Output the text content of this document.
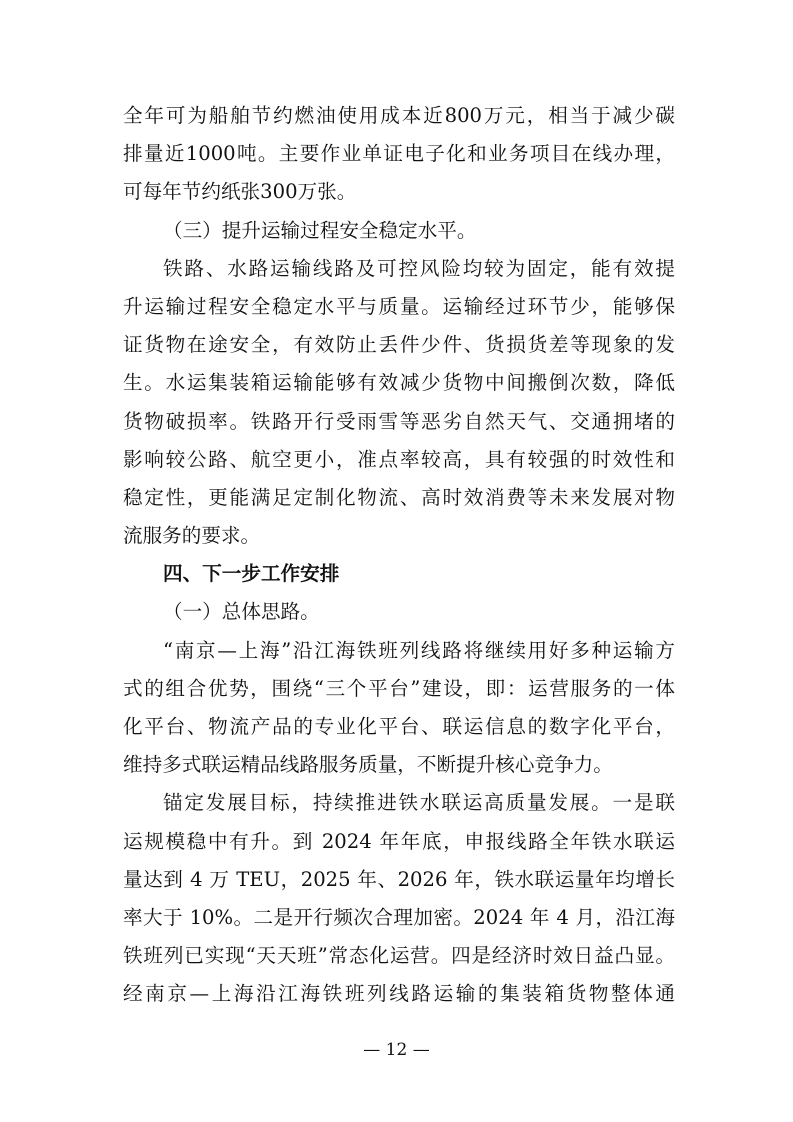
全年可为船舶节约燃油使用成本近800万元，相当于减少碳
排量近1000吨。主要作业单证电子化和业务项目在线办理，
可每年节约纸张300万张。
（三）提升运输过程安全稳定水平。
铁路、水路运输线路及可控风险均较为固定，能有效提
升运输过程安全稳定水平与质量。运输经过环节少，能够保
证货物在途安全，有效防止丢件少件、货损货差等现象的发
生。水运集装箱运输能够有效减少货物中间搬倒次数，降低
货物破损率。铁路开行受雨雪等恶劣自然天气、交通拥堵的
影响较公路、航空更小，准点率较高，具有较强的时效性和
稳定性，更能满足定制化物流、高时效消费等未来发展对物
流服务的要求。
四、下一步工作安排
（一）总体思路。
“南京—上海”沿江海铁班列线路将继续用好多种运输方
式的组合优势，围绕“三个平台”建设，即：运营服务的一体
化平台、物流产品的专业化平台、联运信息的数字化平台，
维持多式联运精品线路服务质量，不断提升核心竞争力。
锚定发展目标，持续推进铁水联运高质量发展。一是联
运规模稳中有升。到 2024 年年底，申报线路全年铁水联运
量达到 4 万 TEU，2025 年、2026 年，铁水联运量年均增长
率大于 10%。二是开行频次合理加密。2024 年 4 月，沿江海
铁班列已实现“天天班”常态化运营。四是经济时效日益凸显。
经南京—上海沿江海铁班列线路运输的集装箱货物整体通
— 12 —
